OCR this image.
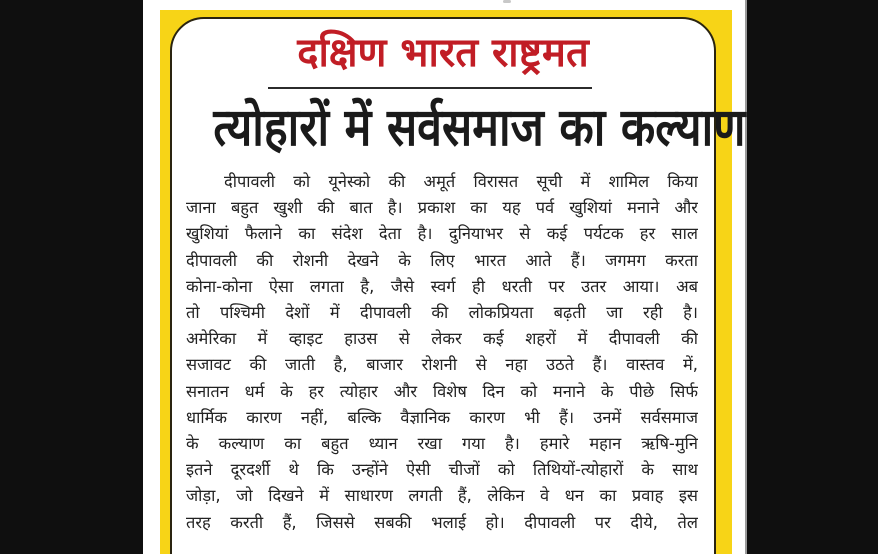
दक्षिण भारत राष्ट्रमत
त्योहारों में सर्वसमाज का कल्याण
दीपावली को यूनेस्को की अमूर्त विरासत सूची में शामिल किया
जाना बहुत खुशी की बात है। प्रकाश का यह पर्व खुशियां मनाने और
खुशियां फैलाने का संदेश देता है। दुनियाभर से कई पर्यटक हर साल
दीपावली की रोशनी देखने के लिए भारत आते हैं। जगमग करता
कोना-कोना ऐसा लगता है, जैसे स्वर्ग ही धरती पर उतर आया। अब
तो पश्चिमी देशों में दीपावली की लोकप्रियता बढ़ती जा रही है।
अमेरिका में व्हाइट हाउस से लेकर कई शहरों में दीपावली की
सजावट की जाती है, बाजार रोशनी से नहा उठते हैं। वास्तव में,
सनातन धर्म के हर त्योहार और विशेष दिन को मनाने के पीछे सिर्फ
धार्मिक कारण नहीं, बल्कि वैज्ञानिक कारण भी हैं। उनमें सर्वसमाज
के कल्याण का बहुत ध्यान रखा गया है। हमारे महान ऋषि-मुनि
इतने दूरदर्शी थे कि उन्होंने ऐसी चीजों को तिथियों-त्योहारों के साथ
जोड़ा, जो दिखने में साधारण लगती हैं, लेकिन वे धन का प्रवाह इस
तरह करती हैं, जिससे सबकी भलाई हो। दीपावली पर दीये, तेल
